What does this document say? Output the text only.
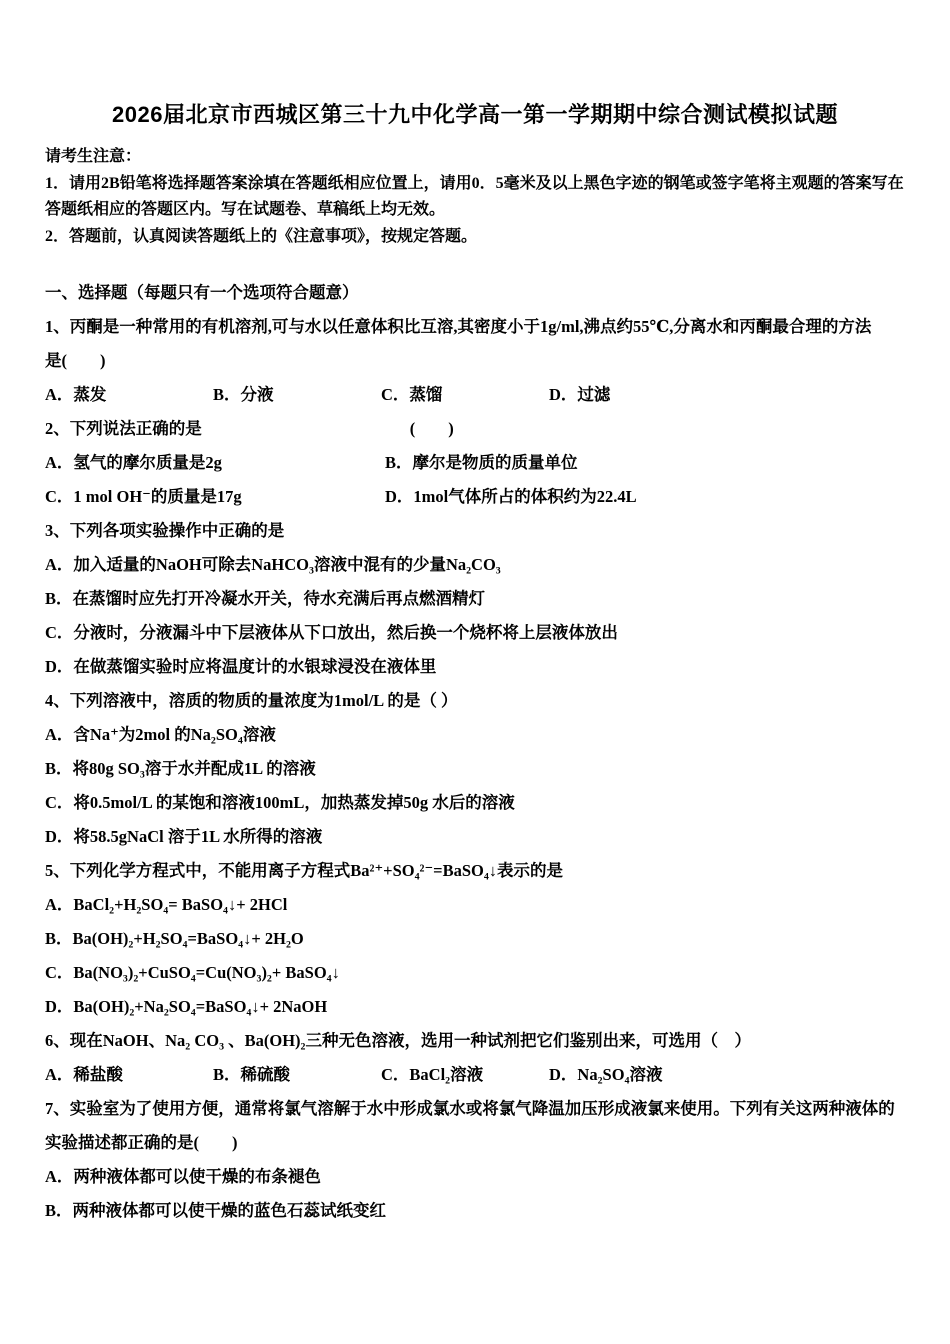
2026届北京市西城区第三十九中化学高一第一学期期中综合测试模拟试题

请考生注意：

1．请用2B铅笔将选择题答案涂填在答题纸相应位置上，请用0．5毫米及以上黑色字迹的钢笔或签字笔将主观题的答案写在答题纸相应的答题区内。写在试题卷、草稿纸上均无效。

2．答题前，认真阅读答题纸上的《注意事项》，按规定答题。

一、选择题（每题只有一个选项符合题意）

1、丙酮是一种常用的有机溶剂,可与水以任意体积比互溶,其密度小于1g/ml,沸点约55℃,分离水和丙酮最合理的方法

是(　　)

A．蒸发	B．分液	C．蒸馏	D．过滤

2、下列说法正确的是	(　　)

A．氢气的摩尔质量是2g	B．摩尔是物质的质量单位

C．1 mol OH⁻的质量是17g	D．1mol气体所占的体积约为22.4L

3、下列各项实验操作中正确的是

A．加入适量的NaOH可除去NaHCO₃溶液中混有的少量Na₂CO₃

B．在蒸馏时应先打开冷凝水开关，待水充满后再点燃酒精灯

C．分液时，分液漏斗中下层液体从下口放出，然后换一个烧杯将上层液体放出

D．在做蒸馏实验时应将温度计的水银球浸没在液体里

4、下列溶液中，溶质的物质的量浓度为1mol/L 的是（ ）

A．含Na⁺为2mol 的Na₂SO₄溶液

B．将80g SO₃溶于水并配成1L 的溶液

C．将0.5mol/L 的某饱和溶液100mL，加热蒸发掉50g 水后的溶液

D．将58.5gNaCl 溶于1L 水所得的溶液

5、下列化学方程式中，不能用离子方程式Ba²⁺+SO₄²⁻=BaSO₄↓表示的是

A．BaCl₂+H₂SO₄= BaSO₄↓+ 2HCl

B．Ba(OH)₂+H₂SO₄=BaSO₄↓+ 2H₂O

C．Ba(NO₃)₂+CuSO₄=Cu(NO₃)₂+ BaSO₄↓

D．Ba(OH)₂+Na₂SO₄=BaSO₄↓+ 2NaOH

6、现在NaOH、Na₂ CO₃ 、Ba(OH)₂三种无色溶液，选用一种试剂把它们鉴别出来，可选用（　）

A．稀盐酸	B．稀硫酸	C．BaCl₂溶液	D．Na₂SO₄溶液

7、实验室为了使用方便，通常将氯气溶解于水中形成氯水或将氯气降温加压形成液氯来使用。下列有关这两种液体的

实验描述都正确的是(　　)

A．两种液体都可以使干燥的布条褪色

B．两种液体都可以使干燥的蓝色石蕊试纸变红
